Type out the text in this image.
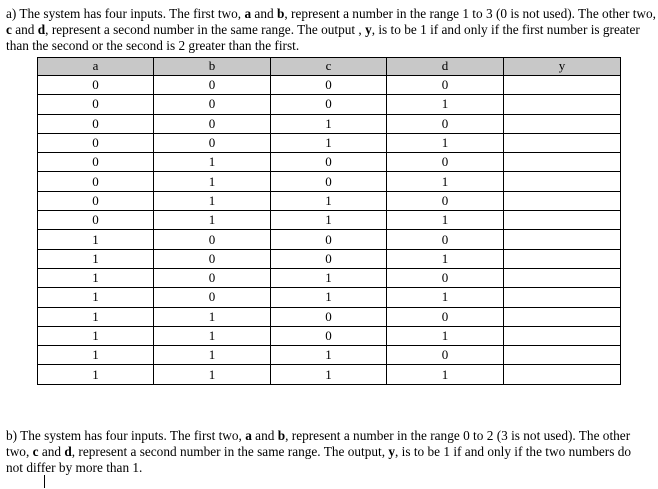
a) The system has four inputs. The first two, a and b, represent a number in the range 1 to 3 (0 is not used). The other two, c and d, represent a second number in the same range. The output , y, is to be 1 if and only if the first number is greater than the second or the second is 2 greater than the first.

a	b	c	d	y
0	0	0	0	
0	0	0	1	
0	0	1	0	
0	0	1	1	
0	1	0	0	
0	1	0	1	
0	1	1	0	
0	1	1	1	
1	0	0	0	
1	0	0	1	
1	0	1	0	
1	0	1	1	
1	1	0	0	
1	1	0	1	
1	1	1	0	
1	1	1	1	

b) The system has four inputs. The first two, a and b, represent a number in the range 0 to 2 (3 is not used). The other two, c and d, represent a second number in the same range. The output, y, is to be 1 if and only if the two numbers do not differ by more than 1.
